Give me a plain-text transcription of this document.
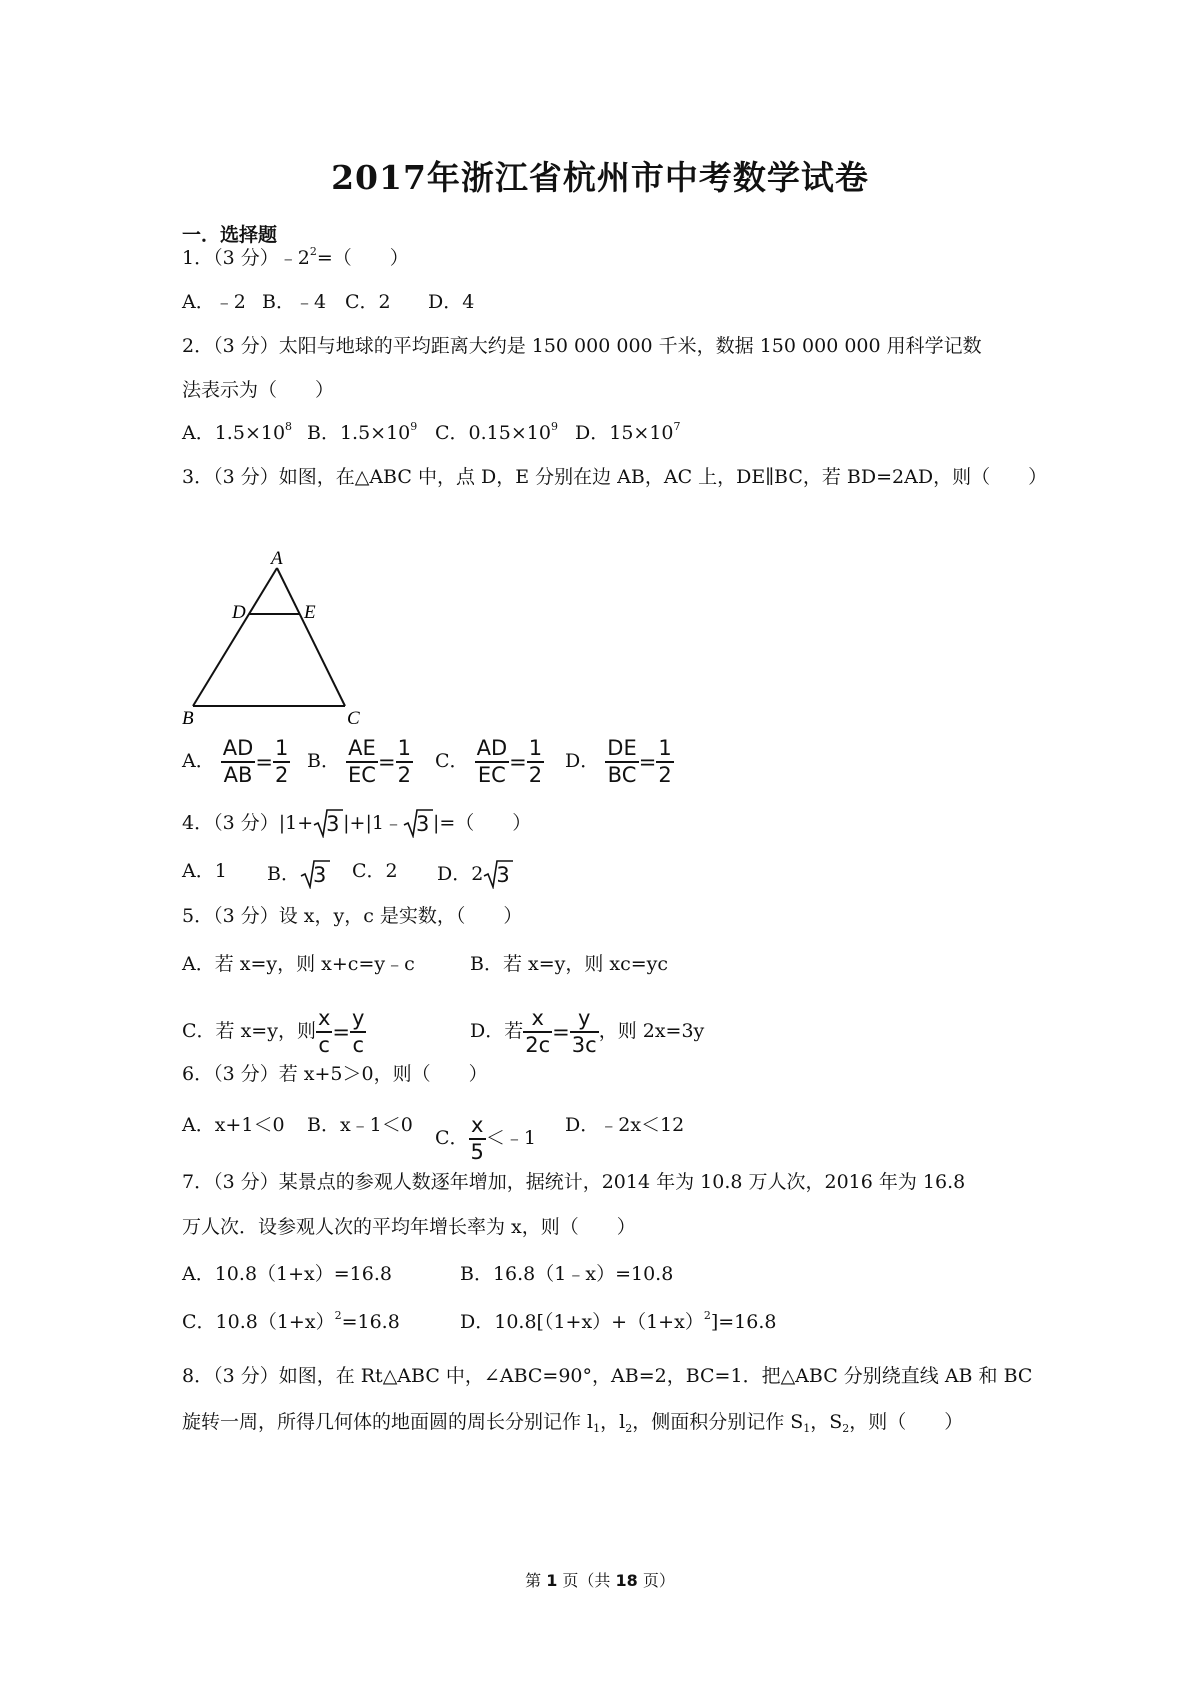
2017年浙江省杭州市中考数学试卷

一．选择题

1．（3 分）$﹣2^2=$（　　）

A．﹣2 B．﹣4 C．2 D．4

2．（3 分）太阳与地球的平均距离大约是 150 000 000 千米，数据 150 000 000 用科学记数

法表示为（　　）

A．$1.5\times 10^8$ B．$1.5\times 10^9$ C．$0.15\times 10^9$ D．$15\times 10^7$

3．（3 分）如图，在△ABC 中，点 D，E 分别在边 AB，AC 上，DE∥BC，若 BD=2AD，则（　　）

A
D	E
B	C

A． $\frac{AD}{AB} = \frac{1}{2}$ B． $\frac{AE}{EC} = \frac{1}{2}$ C． $\frac{AD}{EC} = \frac{1}{2}$ D． $\frac{DE}{BC} = \frac{1}{2}$

4．（3 分）|1+ 3 |+|1﹣ 3 |=（　　）

A．1 B． 3 C．2 D．2 3

5．（3 分）设 x，y，c 是实数，（　　）

A．若 x=y，则 x+c=y﹣c	B．若 x=y，则 xc=yc

C．若 x=y，则 $\frac{x}{c} = \frac{y}{c}$	D．若 $\frac{x}{2c} = \frac{y}{3c}$ ，则 2x=3y

6．（3 分）若 x+5＞0，则（　　）

A．x+1＜0 B．x﹣1＜0

C． $\frac{x}{5}$ ＜﹣1

D．﹣2x＜12

7．（3 分）某景点的参观人数逐年增加，据统计，2014 年为 10.8 万人次，2016 年为 16.8

万人次．设参观人次的平均年增长率为 x，则（　　）

A．10.8（1+x）=16.8	B．16.8（1﹣x）=10.8

C．$10.8(1+x)^2=16.8$	D．$10.8[(1+x)+(1+x)^2]=16.8$

8．（3 分）如图，在 Rt△ABC 中，∠ABC=90°，AB=2，BC=1．把△ABC 分别绕直线 AB 和 BC

旋转一周，所得几何体的地面圆的周长分别记作 $l_1$，$l_2$，侧面积分别记作 $S_1$，$S_2$，则（　　）

第 1 页（共 18 页）
